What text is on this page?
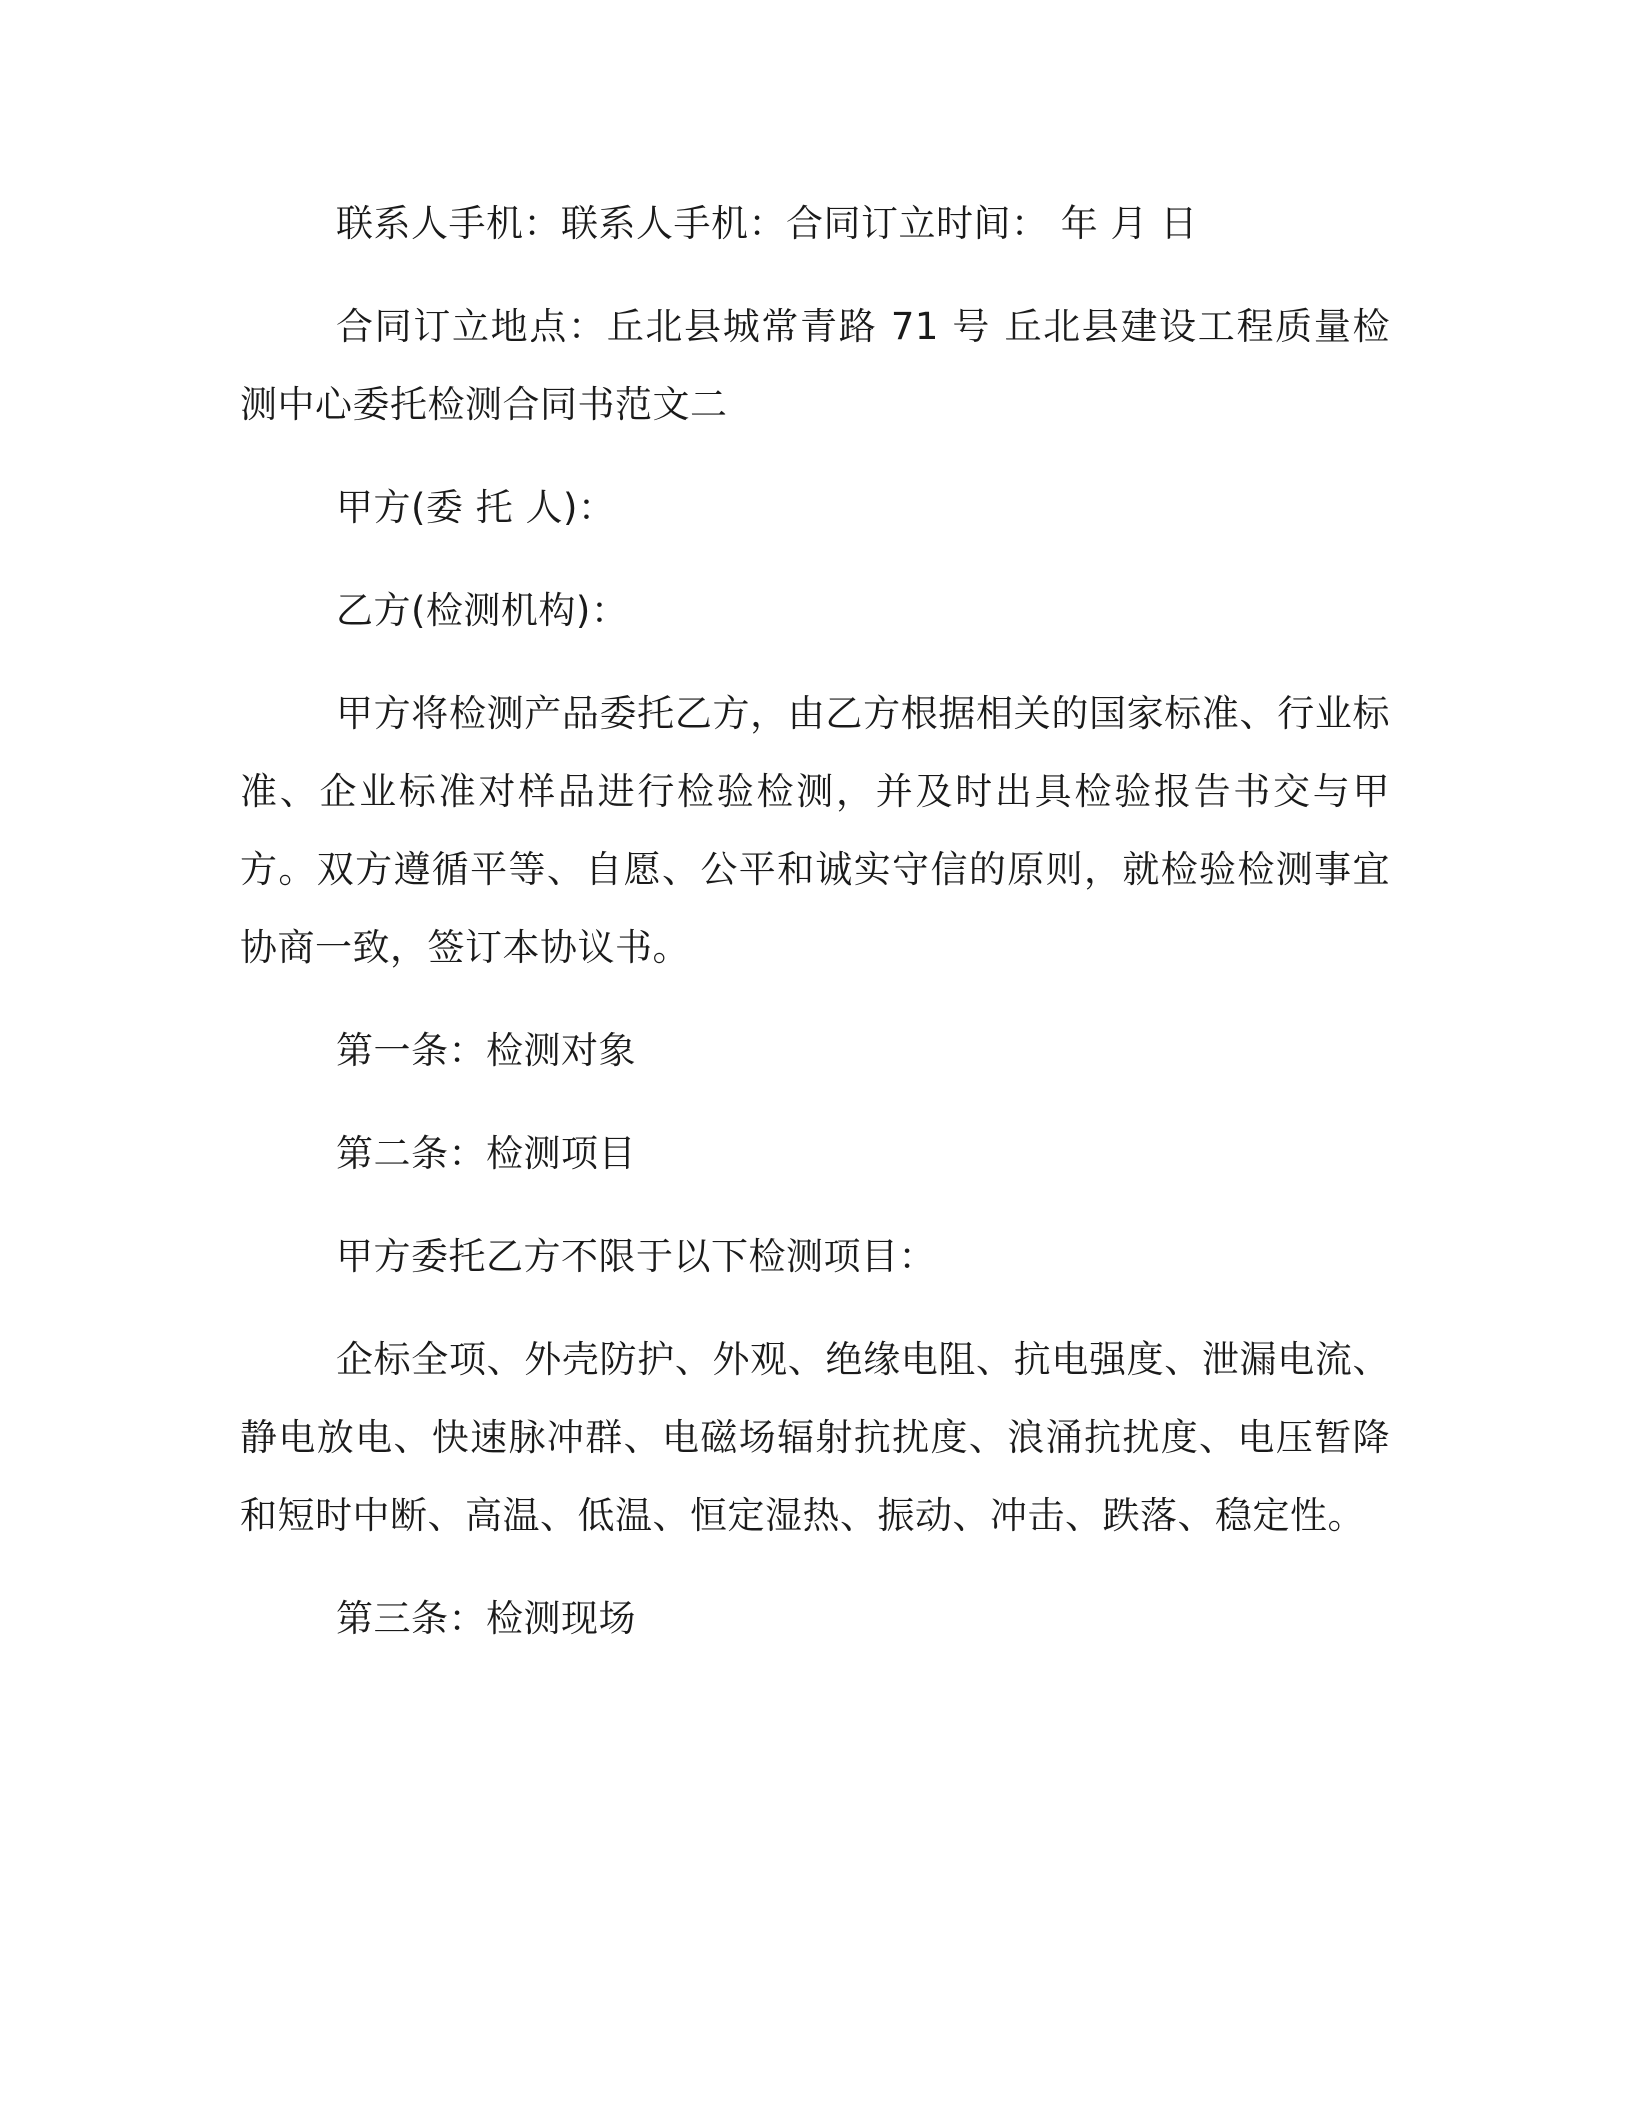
联系人手机：联系人手机：合同订立时间： 年 月 日

合同订立地点：丘北县城常青路 71 号 丘北县建设工程质量检测中心委托检测合同书范文二

甲方(委 托 人)：

乙方(检测机构)：

甲方将检测产品委托乙方，由乙方根据相关的国家标准、行业标准、企业标准对样品进行检验检测，并及时出具检验报告书交与甲方。双方遵循平等、自愿、公平和诚实守信的原则，就检验检测事宜协商一致，签订本协议书。

第一条：检测对象

第二条：检测项目

甲方委托乙方不限于以下检测项目：

企标全项、外壳防护、外观、绝缘电阻、抗电强度、泄漏电流、静电放电、快速脉冲群、电磁场辐射抗扰度、浪涌抗扰度、电压暂降和短时中断、高温、低温、恒定湿热、振动、冲击、跌落、稳定性。

第三条：检测现场
